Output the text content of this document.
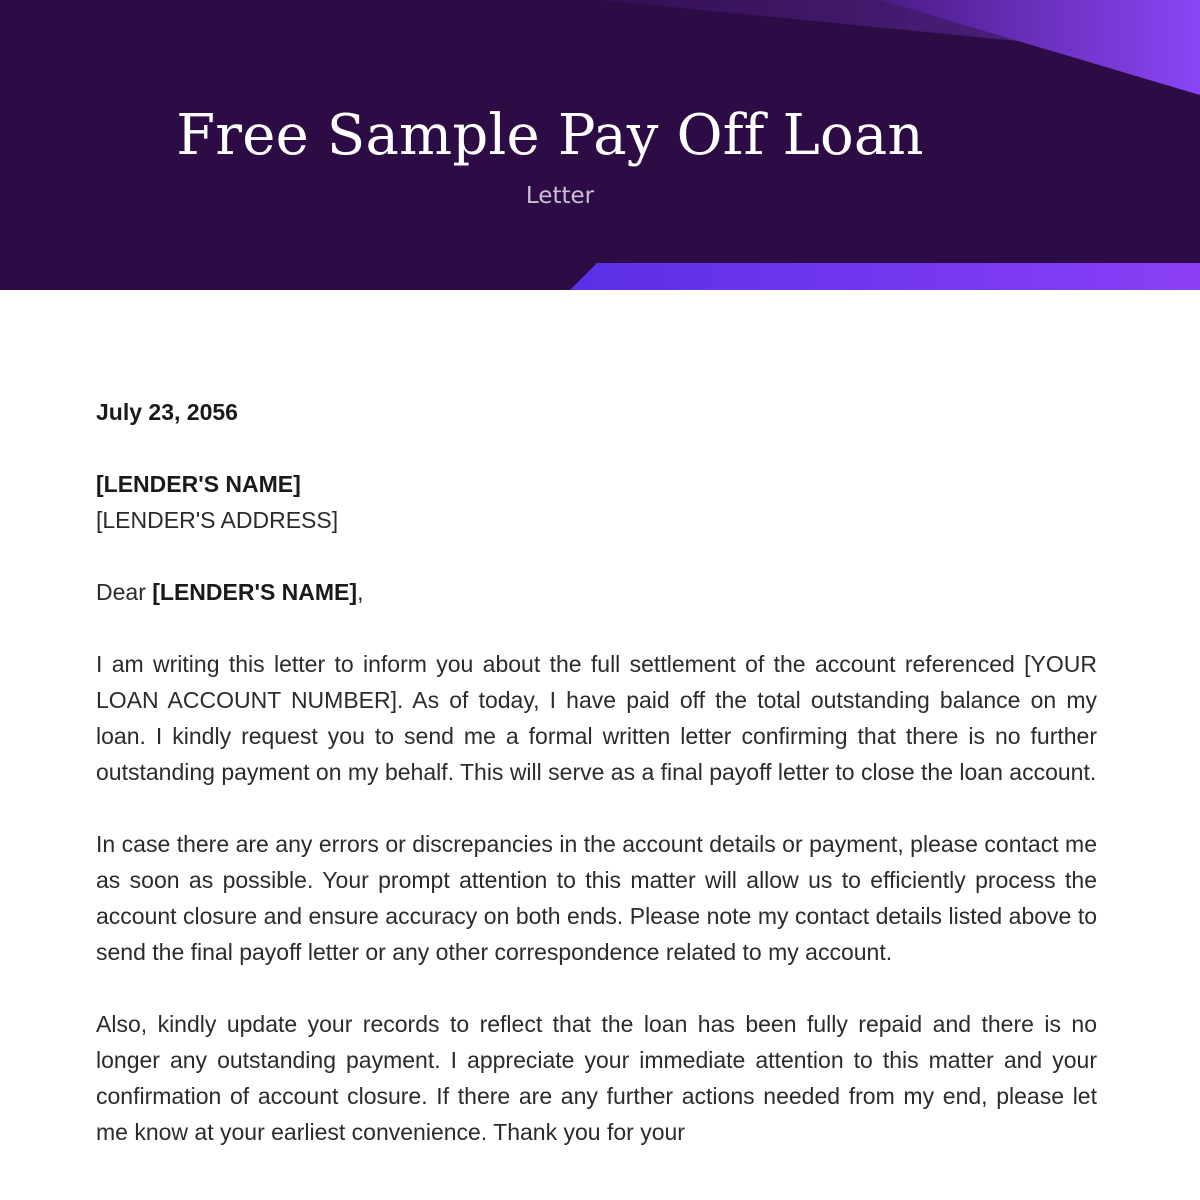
Free Sample Pay Off Loan

Letter

July 23, 2056

[LENDER'S NAME]

[LENDER'S ADDRESS]

Dear [LENDER'S NAME],

I am writing this letter to inform you about the full settlement of the account referenced [YOUR LOAN ACCOUNT NUMBER]. As of today, I have paid off the total outstanding balance on my loan. I kindly request you to send me a formal written letter confirming that there is no further outstanding payment on my behalf. This will serve as a final payoff letter to close the loan account.

In case there are any errors or discrepancies in the account details or payment, please contact me as soon as possible. Your prompt attention to this matter will allow us to efficiently process the account closure and ensure accuracy on both ends. Please note my contact details listed above to send the final payoff letter or any other correspondence related to my account.

Also, kindly update your records to reflect that the loan has been fully repaid and there is no longer any outstanding payment. I appreciate your immediate attention to this matter and your confirmation of account closure. If there are any further actions needed from my end, please let me know at your earliest convenience. Thank you for your
